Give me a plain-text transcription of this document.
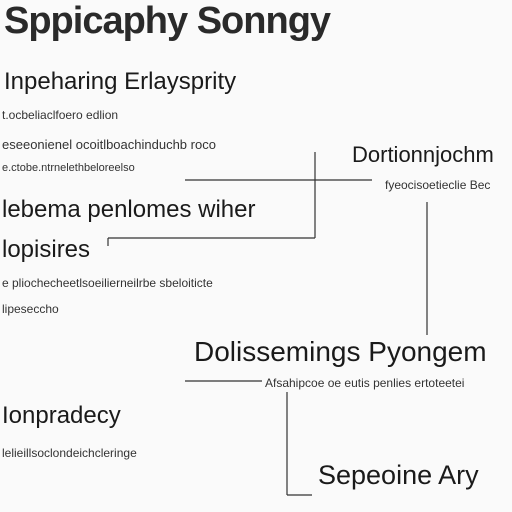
Sppicaphy Sonngy
Inpeharing Erlaysprity
t.ocbeliaclfoero edlion
eseeonienel ocoitlboachinduchb roco
e.ctobe.ntrnelethbeloreelso
lebema penlomes wiher
lopisires
e pliochecheetlsoeilierneilrbe sbeloiticte
lipeseccho
Dortionnjochm
fyeocisoetieclie Bec
Dolissemings Pyongem
Afsahipcoe oe eutis penlies ertoteetei
Ionpradecy
lelieillsoclondeichcleringe
Sepeoine Ary
